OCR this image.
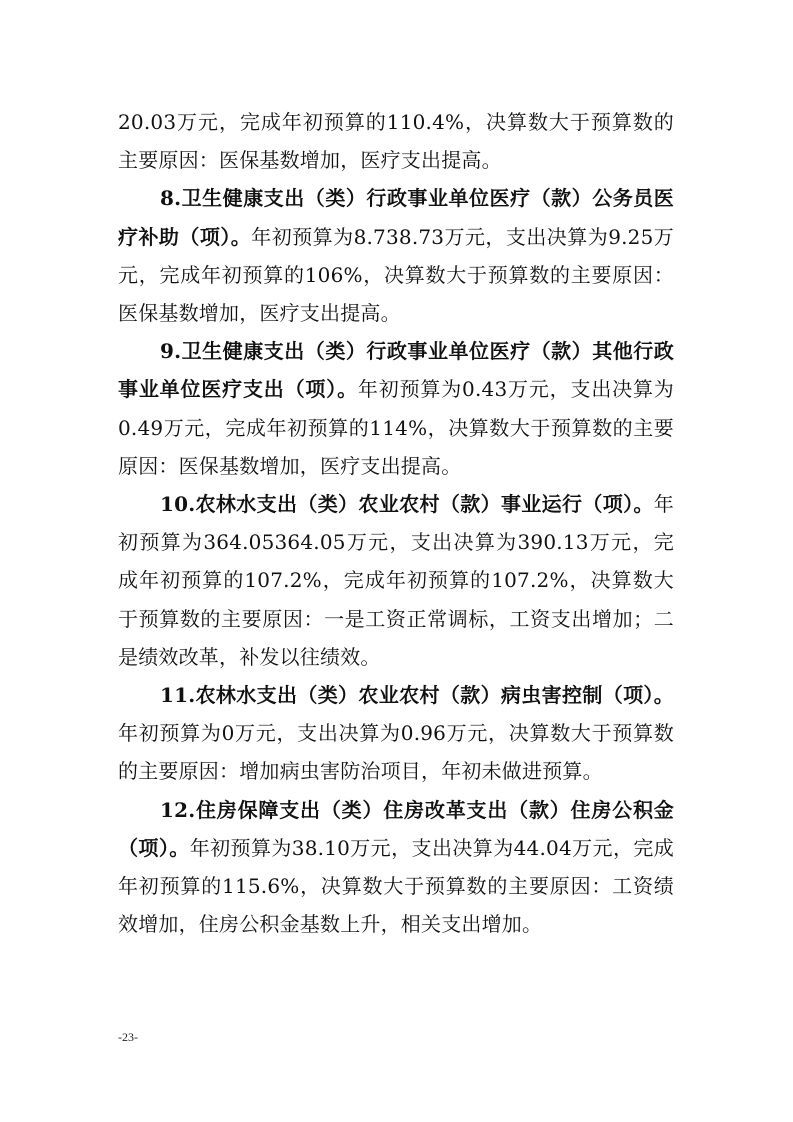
20.03万元，完成年初预算的110.4%，决算数大于预算数的主要原因：医保基数增加，医疗支出提高。

8.卫生健康支出（类）行政事业单位医疗（款）公务员医疗补助（项）。年初预算为8.738.73万元，支出决算为9.25万元，完成年初预算的106%，决算数大于预算数的主要原因：医保基数增加，医疗支出提高。

9.卫生健康支出（类）行政事业单位医疗（款）其他行政事业单位医疗支出（项）。年初预算为0.43万元，支出决算为0.49万元，完成年初预算的114%，决算数大于预算数的主要原因：医保基数增加，医疗支出提高。

10.农林水支出（类）农业农村（款）事业运行（项）。年初预算为364.05364.05万元，支出决算为390.13万元，完成年初预算的107.2%，完成年初预算的107.2%，决算数大于预算数的主要原因：一是工资正常调标，工资支出增加；二是绩效改革，补发以往绩效。

11.农林水支出（类）农业农村（款）病虫害控制（项）。年初预算为0万元，支出决算为0.96万元，决算数大于预算数的主要原因：增加病虫害防治项目，年初未做进预算。

12.住房保障支出（类）住房改革支出（款）住房公积金（项）。年初预算为38.10万元，支出决算为44.04万元，完成年初预算的115.6%，决算数大于预算数的主要原因：工资绩效增加，住房公积金基数上升，相关支出增加。

-23-
